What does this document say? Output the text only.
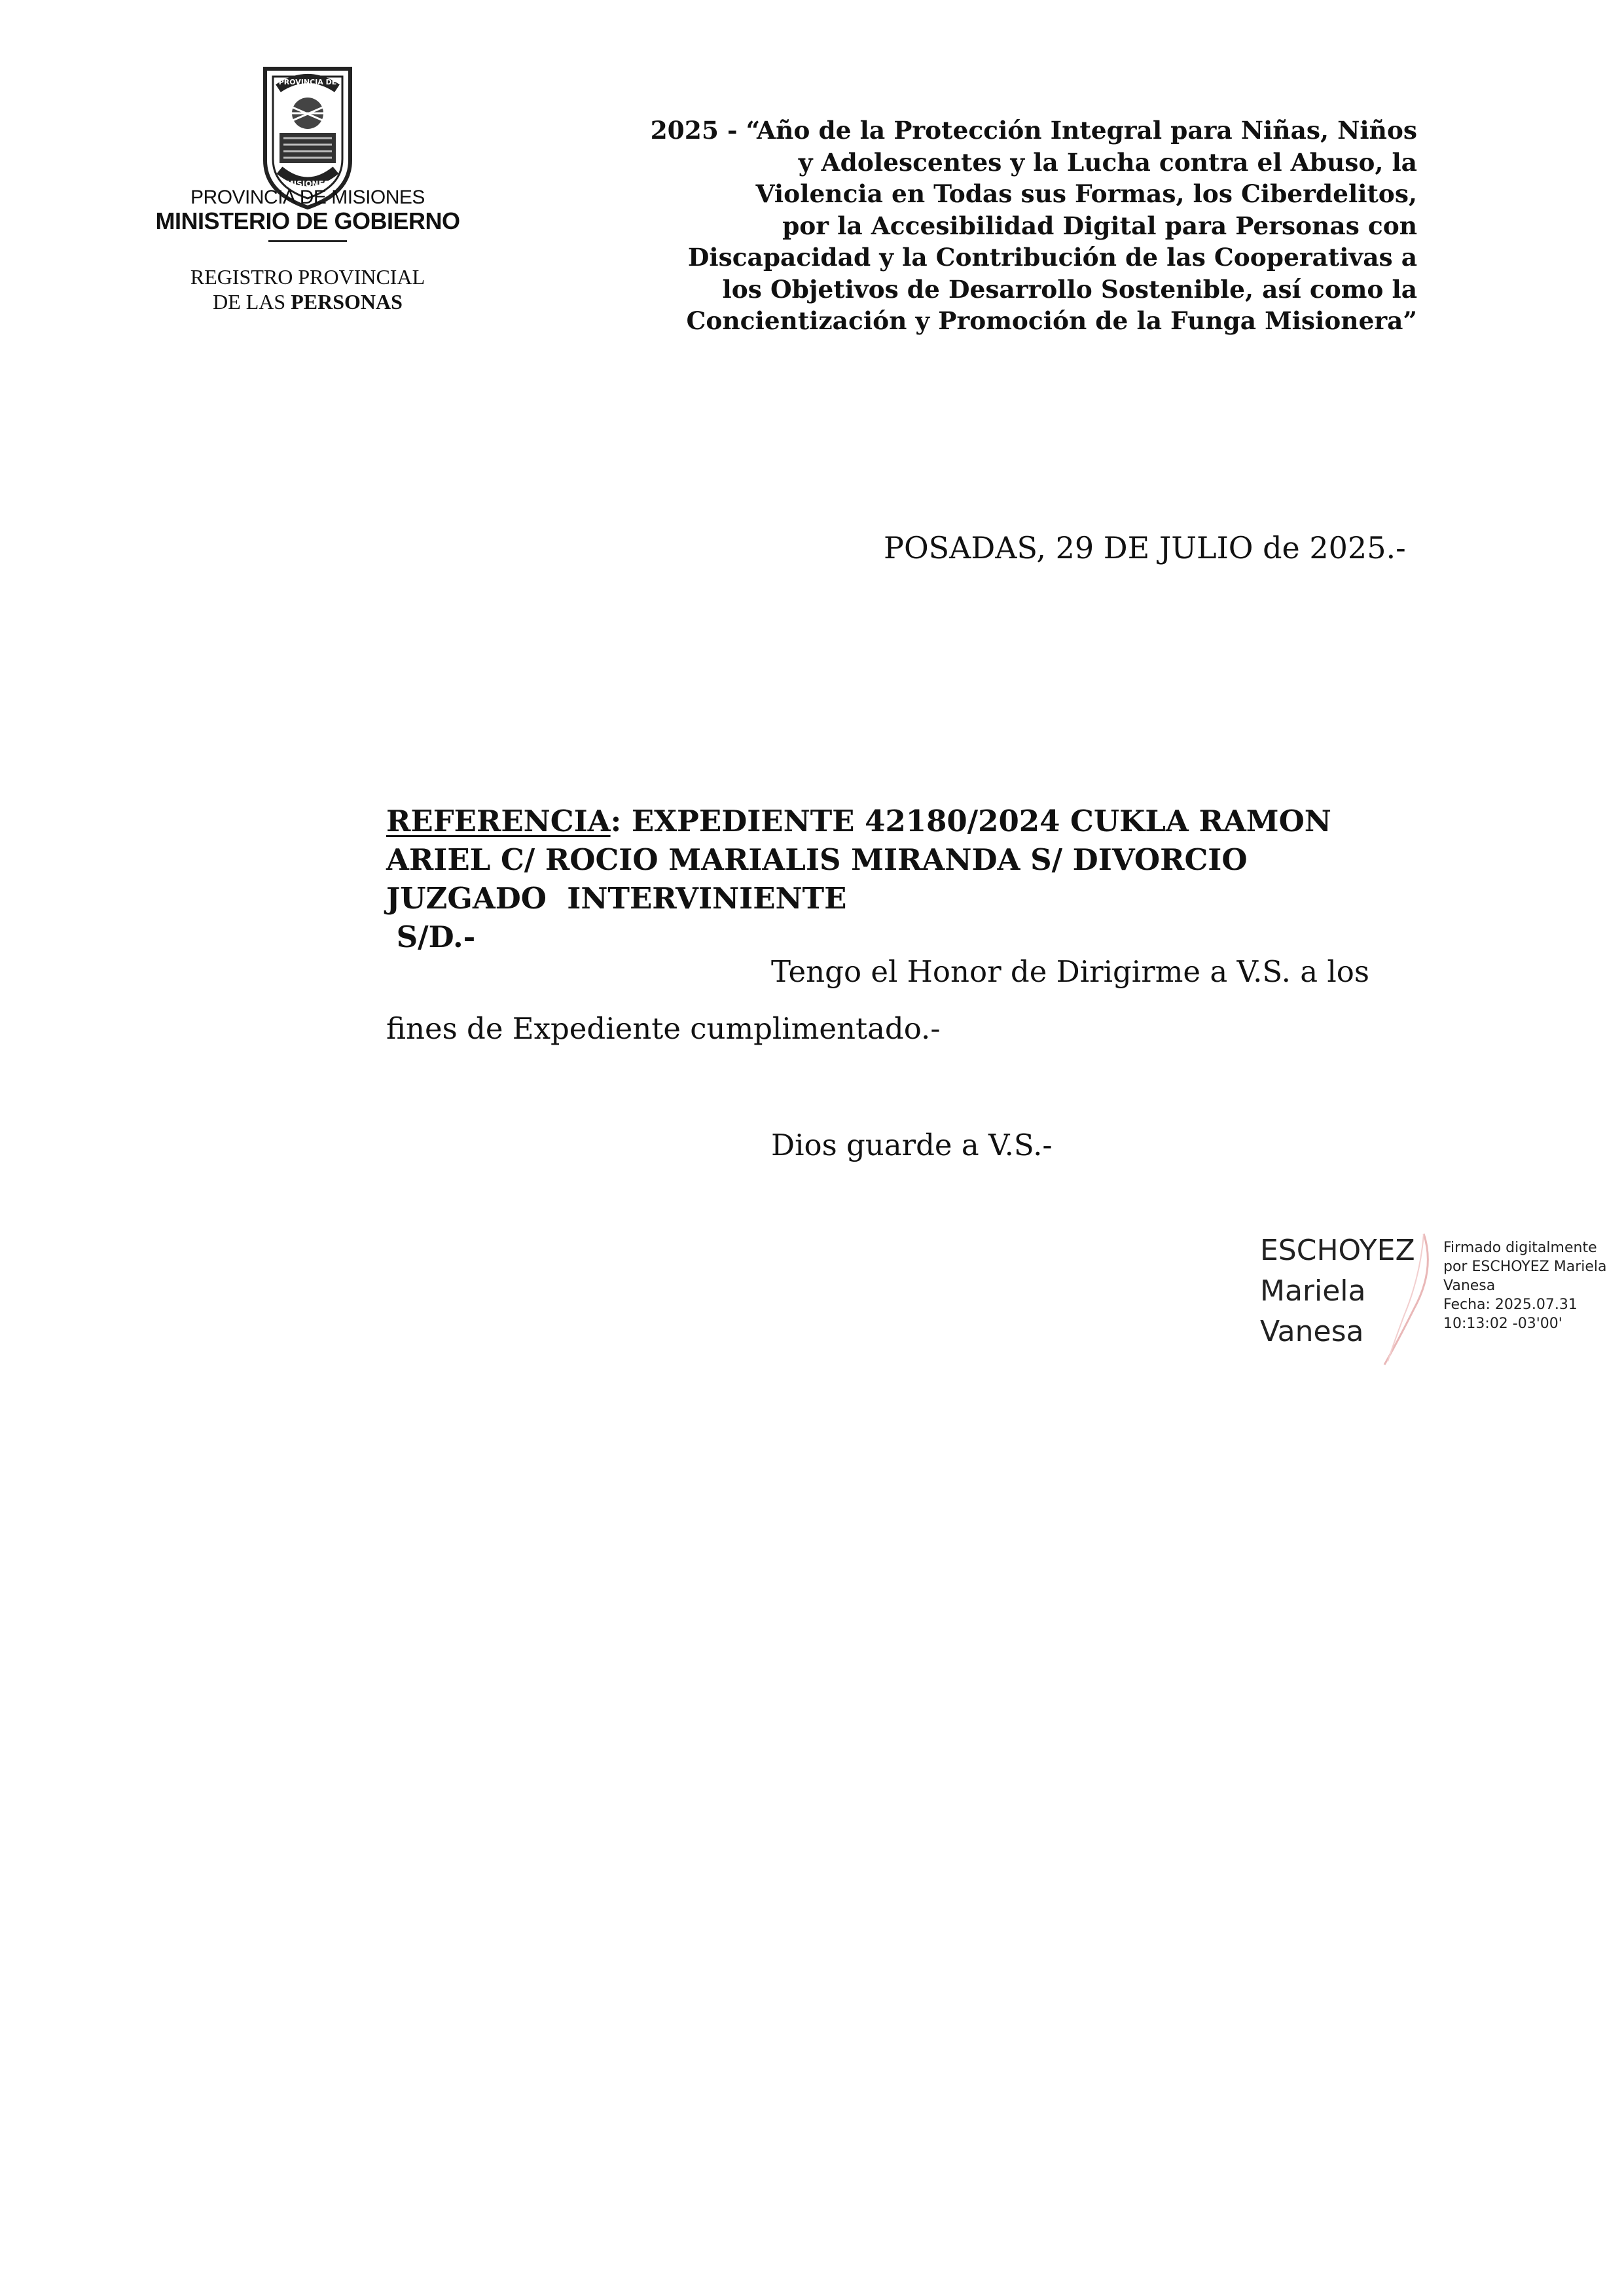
PROVINCIA DE
MISIONES
PROVINCIA DE MISIONES
MINISTERIO DE GOBIERNO
REGISTRO PROVINCIAL
DE LAS PERSONAS
2025 - “Año de la Protección Integral para Niñas, Niños
y Adolescentes y la Lucha contra el Abuso, la
Violencia en Todas sus Formas, los Ciberdelitos,
por la Accesibilidad Digital para Personas con
Discapacidad y la Contribución de las Cooperativas a
los Objetivos de Desarrollo Sostenible, así como la
Concientización y Promoción de la Funga Misionera”
POSADAS, 29 DE JULIO de 2025.-
REFERENCIA: EXPEDIENTE 42180/2024 CUKLA RAMON
ARIEL C/ ROCIO MARIALIS MIRANDA S/ DIVORCIO
JUZGADO  INTERVINIENTE
S/D.-
Tengo el Honor de Dirigirme a V.S. a los
fines de Expediente cumplimentado.-
Dios guarde a V.S.-
ESCHOYEZ
Mariela
Vanesa
Firmado digitalmente
por ESCHOYEZ Mariela
Vanesa
Fecha: 2025.07.31
10:13:02 -03'00'
